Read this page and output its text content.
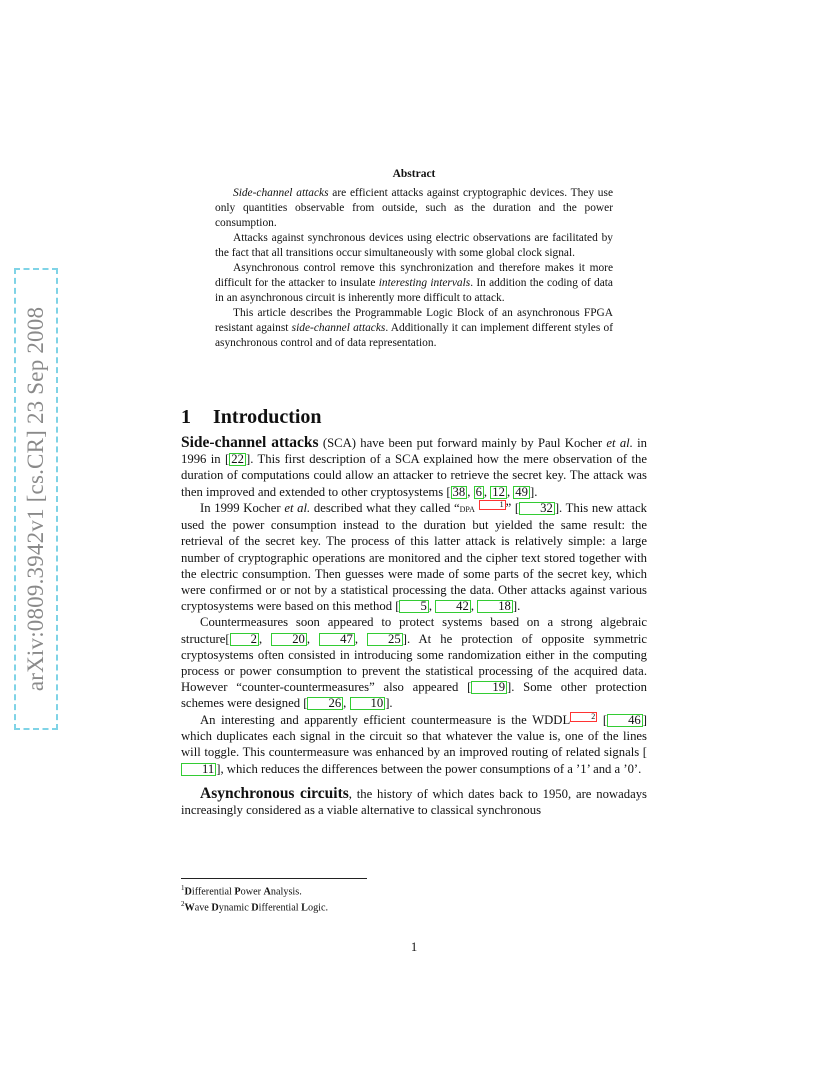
arXiv:0809.3942v1 [cs.CR] 23 Sep 2008
Abstract

Side-channel attacks are efficient attacks against cryptographic devices. They use only quantities observable from outside, such as the duration and the power consumption.

Attacks against synchronous devices using electric observations are facilitated by the fact that all transitions occur simultaneously with some global clock signal.

Asynchronous control remove this synchronization and therefore makes it more difficult for the attacker to insulate interesting intervals. In addition the coding of data in an asynchronous circuit is inherently more difficult to attack.

This article describes the Programmable Logic Block of an asynchronous FPGA resistant against side-channel attacks. Additionally it can implement different styles of asynchronous control and of data representation.

1 Introduction

Side-channel attacks (SCA) have been put forward mainly by Paul Kocher et al. in 1996 in [ 22 ]. This first description of a SCA explained how the mere observation of the duration of computations could allow an attacker to retrieve the secret key. The attack was then improved and extended to other cryptosystems [ 38 , 6 , 12 , 49 ].

In 1999 Kocher et al. described what they called “dpa	1 ” [ 32 ]. This new attack used the power consumption instead to the duration but yielded the same result: the retrieval of the secret key. The process of this latter attack is relatively simple: a large number of cryptographic operations are monitored and the cipher text stored together with the electric consumption. Then guesses were made of some parts of the secret key, which were confirmed or or not by a statistical processing the data. Other attacks against various cryptosystems were based on this method [ 5 , 42 , 18 ].

Countermeasures soon appeared to protect systems based on a strong algebraic structure[ 2 , 20 , 47 , 25 ]. At he protection of opposite symmetric cryptosystems often consisted in introducing some randomization either in the computing process or power consumption to prevent the statistical processing of the acquired data. However “counter-countermeasures” also appeared [ 19 ]. Some other protection schemes were designed [ 26 , 10 ].

An interesting and apparently efficient countermeasure is the WDDL	2 [ 46 ] which duplicates each signal in the circuit so that whatever the value is, one of the lines will toggle. This countermeasure was enhanced by an improved routing of related signals [11 ], which reduces the differences between the power consumptions of a ’1’ and a ’0’.

Asynchronous circuits, the history of which dates back to 1950, are nowadays increasingly considered as a viable alternative to classical synchronous

$^1$Differential Power Analysis.
$^2$Wave Dynamic Differential Logic.
1
